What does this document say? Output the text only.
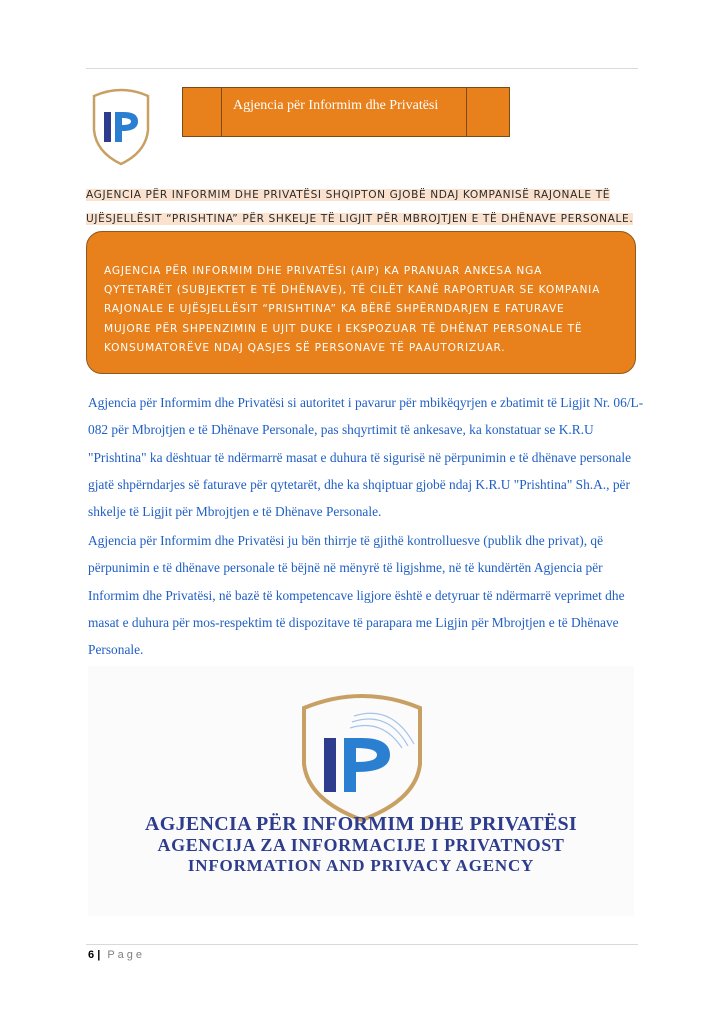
IP
Agjencia për Informim dhe Privatësi
AGJENCIA PËR INFORMIM DHE PRIVATËSI SHQIPTON GJOBË NDAJ KOMPANISË RAJONALE TË
UJËSJELLËSIT “PRISHTINA” PËR SHKELJE TË LIGJIT PËR MBROJTJEN E TË DHËNAVE PERSONALE.
AGJENCIA PËR INFORMIM DHE PRIVATËSI (AIP) KA PRANUAR ANKESA NGA QYTETARËT (SUBJEKTET E TË DHËNAVE), TË CILËT KANË RAPORTUAR SE KOMPANIA RAJONALE E UJËSJELLËSIT “PRISHTINA” KA BËRË SHPËRNDARJEN E FATURAVE MUJORE PËR SHPENZIMIN E UJIT DUKE I EKSPOZUAR TË DHËNAT PERSONALE TË KONSUMATORËVE NDAJ QASJES SË PERSONAVE TË PAAUTORIZUAR.
Agjencia për Informim dhe Privatësi si autoritet i pavarur për mbikëqyrjen e zbatimit të Ligjit Nr. 06/L-082 për Mbrojtjen e të Dhënave Personale, pas shqyrtimit të ankesave, ka konstatuar se K.R.U "Prishtina" ka dështuar të ndërmarrë masat e duhura të sigurisë në përpunimin e të dhënave personale gjatë shpërndarjes së faturave për qytetarët, dhe ka shqiptuar gjobë ndaj K.R.U "Prishtina" Sh.A., për shkelje të Ligjit për Mbrojtjen e të Dhënave Personale.
Agjencia për Informim dhe Privatësi ju bën thirrje të gjithë kontrolluesve (publik dhe privat), që përpunimin e të dhënave personale të bëjnë në mënyrë të ligjshme, në të kundërtën Agjencia për Informim dhe Privatësi, në bazë të kompetencave ligjore është e detyruar të ndërmarrë veprimet dhe masat e duhura për mos-respektim të dispozitave të parapara me Ligjin për Mbrojtjen e të Dhënave Personale.
IP
AGJENCIA PËR INFORMIM DHE PRIVATËSI
AGENCIJA ZA INFORMACIJE I PRIVATNOST
INFORMATION AND PRIVACY AGENCY
6 | Page
